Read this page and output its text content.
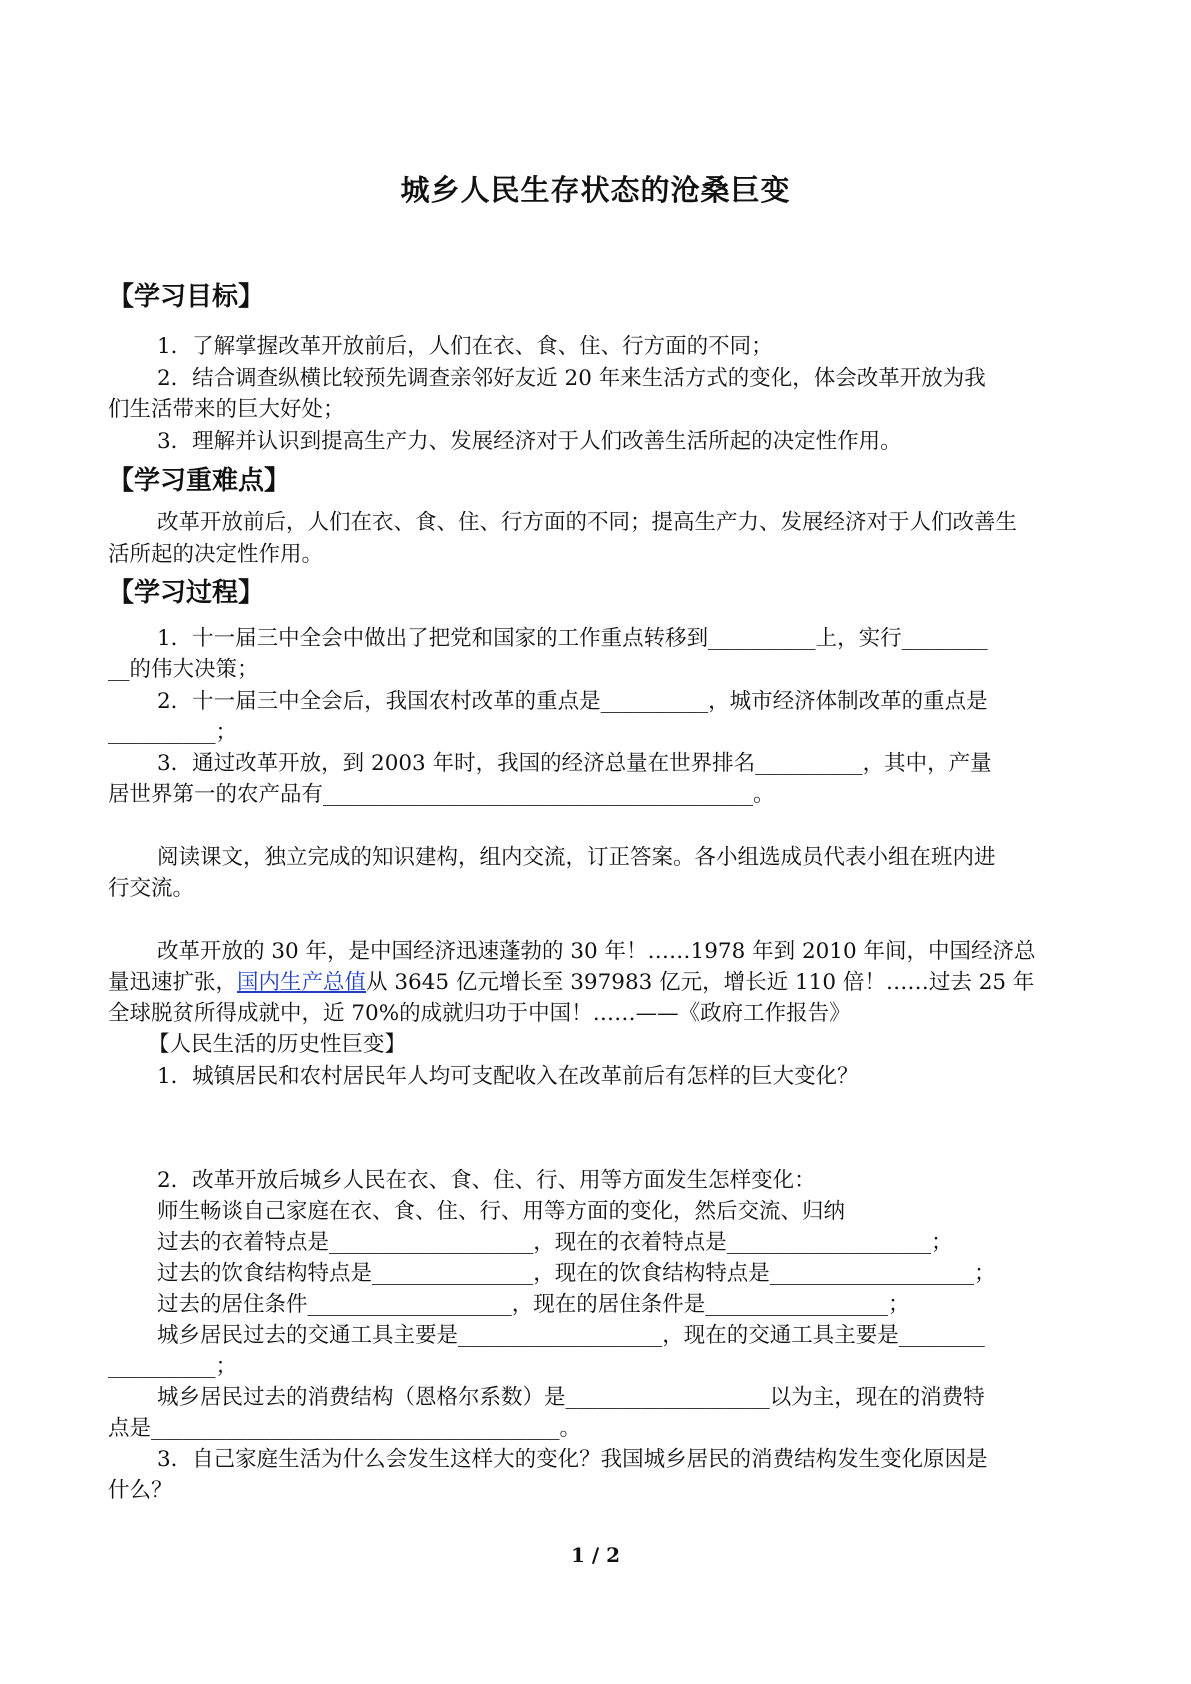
城乡人民生存状态的沧桑巨变
【学习目标】
1．了解掌握改革开放前后，人们在衣、食、住、行方面的不同；
2．结合调查纵横比较预先调查亲邻好友近 20 年来生活方式的变化，体会改革开放为我
们生活带来的巨大好处；
3．理解并认识到提高生产力、发展经济对于人们改善生活所起的决定性作用。
【学习重难点】
改革开放前后，人们在衣、食、住、行方面的不同；提高生产力、发展经济对于人们改善生
活所起的决定性作用。
【学习过程】
1．十一届三中全会中做出了把党和国家的工作重点转移到__________上，实行________
__的伟大决策；
2．十一届三中全会后，我国农村改革的重点是__________，城市经济体制改革的重点是
__________；
3．通过改革开放，到 2003 年时，我国的经济总量在世界排名__________，其中，产量
居世界第一的农产品有________________________________________。
阅读课文，独立完成的知识建构，组内交流，订正答案。各小组选成员代表小组在班内进
行交流。
改革开放的 30 年，是中国经济迅速蓬勃的 30 年！……1978 年到 2010 年间，中国经济总
量迅速扩张，国内生产总值从 3645 亿元增长至 397983 亿元，增长近 110 倍！……过去 25 年
全球脱贫所得成就中，近 70%的成就归功于中国！……——《政府工作报告》
【人民生活的历史性巨变】
1．城镇居民和农村居民年人均可支配收入在改革前后有怎样的巨大变化？
2．改革开放后城乡人民在衣、食、住、行、用等方面发生怎样变化：
师生畅谈自己家庭在衣、食、住、行、用等方面的变化，然后交流、归纳
过去的衣着特点是___________________，现在的衣着特点是___________________；
过去的饮食结构特点是_______________，现在的饮食结构特点是___________________；
过去的居住条件___________________，现在的居住条件是_________________；
城乡居民过去的交通工具主要是___________________，现在的交通工具主要是________
__________；
城乡居民过去的消费结构（恩格尔系数）是___________________以为主，现在的消费特
点是______________________________________。
3．自己家庭生活为什么会发生这样大的变化？我国城乡居民的消费结构发生变化原因是
什么？
1 / 2
